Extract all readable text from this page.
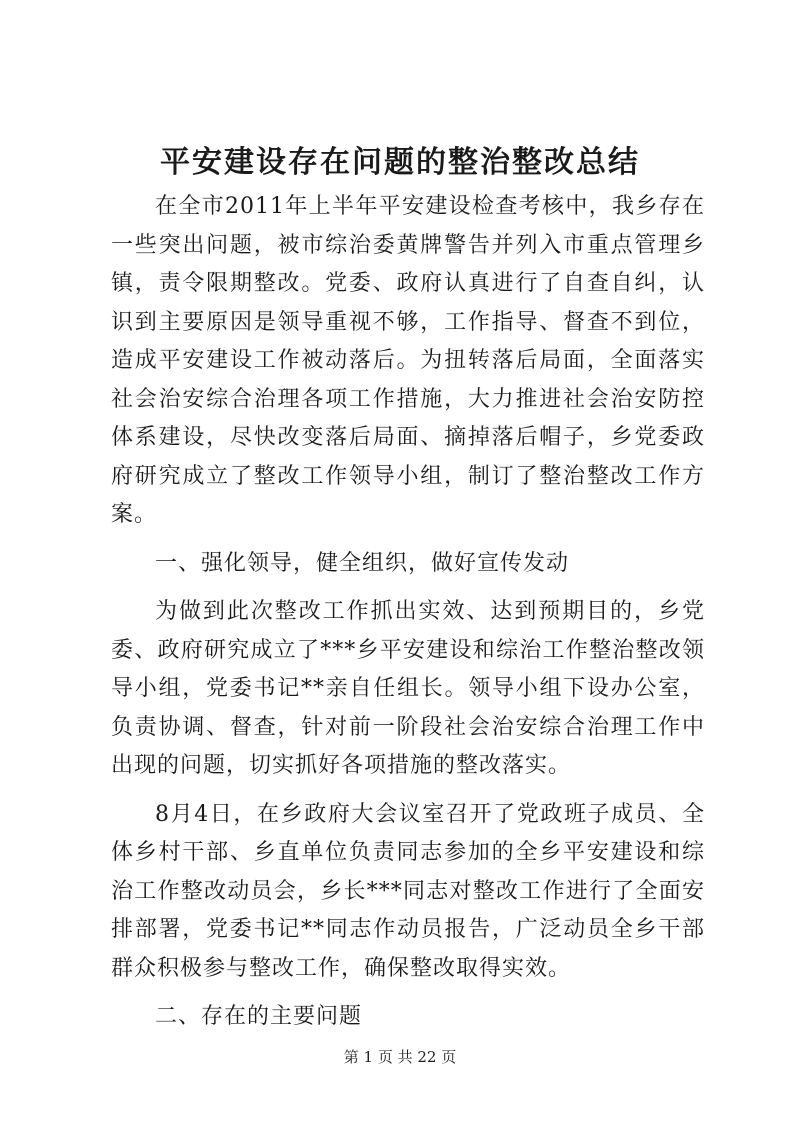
平安建设存在问题的整治整改总结

在全市2011年上半年平安建设检查考核中，我乡存在一些突出问题，被市综治委黄牌警告并列入市重点管理乡镇，责令限期整改。党委、政府认真进行了自查自纠，认识到主要原因是领导重视不够，工作指导、督查不到位，造成平安建设工作被动落后。为扭转落后局面，全面落实社会治安综合治理各项工作措施，大力推进社会治安防控体系建设，尽快改变落后局面、摘掉落后帽子，乡党委政府研究成立了整改工作领导小组，制订了整治整改工作方案。

一、强化领导，健全组织，做好宣传发动

为做到此次整改工作抓出实效、达到预期目的，乡党委、政府研究成立了***乡平安建设和综治工作整治整改领导小组，党委书记**亲自任组长。领导小组下设办公室，负责协调、督查，针对前一阶段社会治安综合治理工作中出现的问题，切实抓好各项措施的整改落实。

8月4日，在乡政府大会议室召开了党政班子成员、全体乡村干部、乡直单位负责同志参加的全乡平安建设和综治工作整改动员会，乡长***同志对整改工作进行了全面安排部署，党委书记**同志作动员报告，广泛动员全乡干部群众积极参与整改工作，确保整改取得实效。

二、存在的主要问题

第 1 页 共 22 页
